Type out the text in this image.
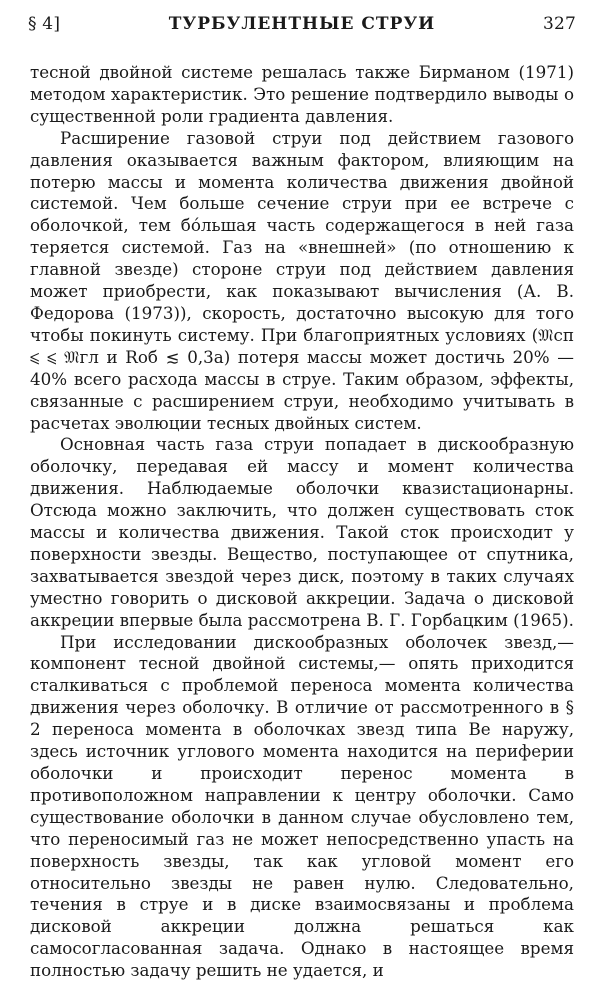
§ 4]	ТУРБУЛЕНТНЫЕ СТРУИ	327

тесной двойной системе решалась также Бирманом (1971) методом характеристик. Это решение подтвердило выводы о существенной роли градиента давления.

Расширение газовой струи под действием газового давления оказывается важным фактором, влияющим на потерю массы и момента количества движения двойной системой. Чем больше сечение струи при ее встрече с оболочкой, тем бо́льшая часть содержащегося в ней газа теряется системой. Газ на «внешней» (по отношению к главной звезде) стороне струи под действием давления может приобрести, как показывают вычисления (А. В. Федорова (1973)), скорость, достаточно высокую для того чтобы покинуть систему. При благоприятных условиях (𝔐сп ⩽ ⩽ 𝔐гл и Rоб ≲ 0,3a) потеря массы может достичь 20% — 40% всего расхода массы в струе. Таким образом, эффекты, связанные с расширением струи, необходимо учитывать в расчетах эволюции тесных двойных систем.

Основная часть газа струи попадает в дискообразную оболочку, передавая ей массу и момент количества движения. Наблюдаемые оболочки квазистационарны. Отсюда можно заключить, что должен существовать сток массы и количества движения. Такой сток происходит у поверхности звезды. Вещество, поступающее от спутника, захватывается звездой через диск, поэтому в таких случаях уместно говорить о дисковой аккреции. Задача о дисковой аккреции впервые была рассмотрена В. Г. Горбацким (1965).

При исследовании дискообразных оболочек звезд,— компонент тесной двойной системы,— опять приходится сталкиваться с проблемой переноса момента количества движения через оболочку. В отличие от рассмотренного в § 2 переноса момента в оболочках звезд типа Be наружу, здесь источник углового момента находится на периферии оболочки и происходит перенос момента в противоположном направлении к центру оболочки. Само существование оболочки в данном случае обусловлено тем, что переносимый газ не может непосредственно упасть на поверхность звезды, так как угловой момент его относительно звезды не равен нулю. Следовательно, течения в струе и в диске взаимосвязаны и проблема дисковой аккреции должна решаться как самосогласованная задача. Однако в настоящее время полностью задачу решить не удается, и
